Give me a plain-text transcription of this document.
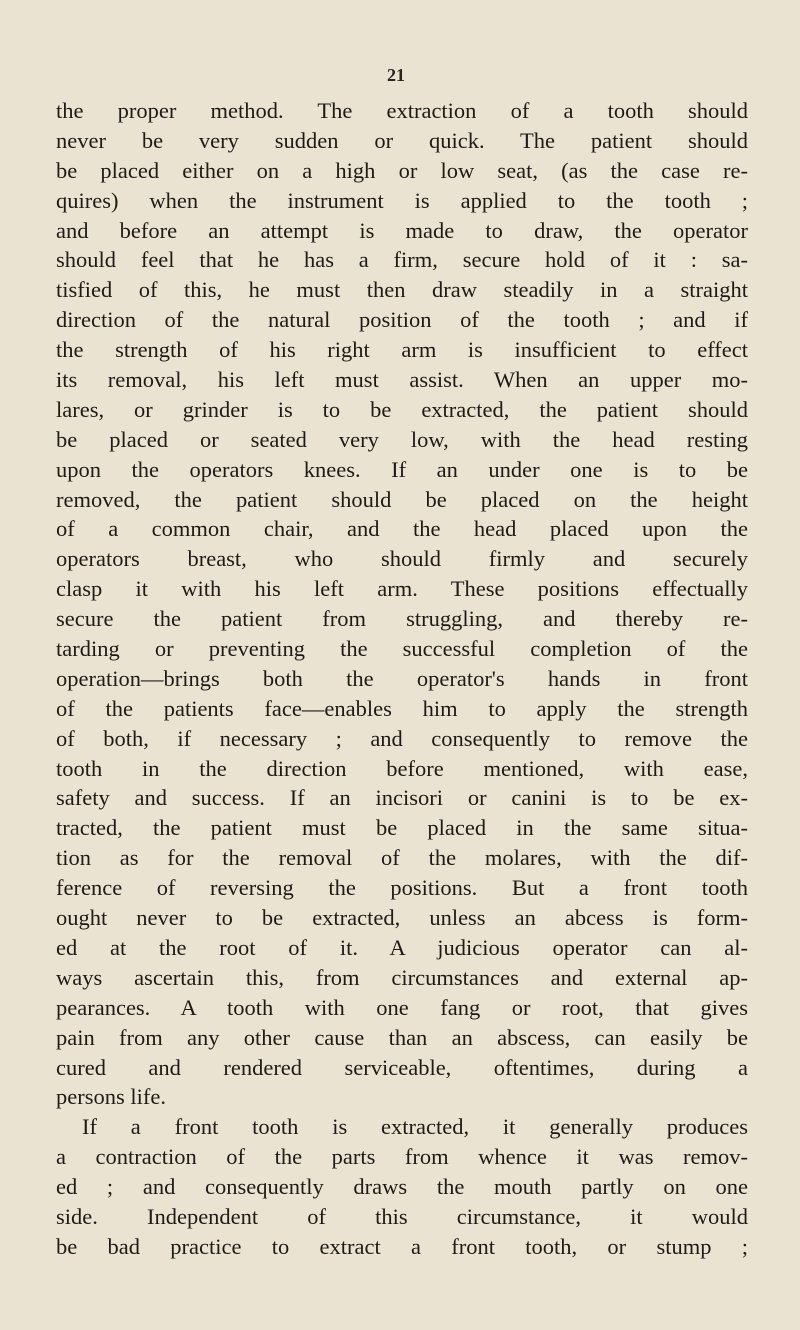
21
the proper method. The extraction of a tooth should
never be very sudden or quick. The patient should
be placed either on a high or low seat, (as the case re-
quires) when the instrument is applied to the tooth ;
and before an attempt is made to draw, the operator
should feel that he has a firm, secure hold of it : sa-
tisfied of this, he must then draw steadily in a straight
direction of the natural position of the tooth ; and if
the strength of his right arm is insufficient to effect
its removal, his left must assist. When an upper mo-
lares, or grinder is to be extracted, the patient should
be placed or seated very low, with the head resting
upon the operators knees. If an under one is to be
removed, the patient should be placed on the height
of a common chair, and the head placed upon the
operators breast, who should firmly and securely
clasp it with his left arm. These positions effectually
secure the patient from struggling, and thereby re-
tarding or preventing the successful completion of the
operation—brings both the operator's hands in front
of the patients face—enables him to apply the strength
of both, if necessary ; and consequently to remove the
tooth in the direction before mentioned, with ease,
safety and success. If an incisori or canini is to be ex-
tracted, the patient must be placed in the same situa-
tion as for the removal of the molares, with the dif-
ference of reversing the positions. But a front tooth
ought never to be extracted, unless an abcess is form-
ed at the root of it. A judicious operator can al-
ways ascertain this, from circumstances and external ap-
pearances. A tooth with one fang or root, that gives
pain from any other cause than an abscess, can easily be
cured and rendered serviceable, oftentimes, during a
persons life.
If a front tooth is extracted, it generally produces
a contraction of the parts from whence it was remov-
ed ; and consequently draws the mouth partly on one
side. Independent of this circumstance, it would
be bad practice to extract a front tooth, or stump ;
